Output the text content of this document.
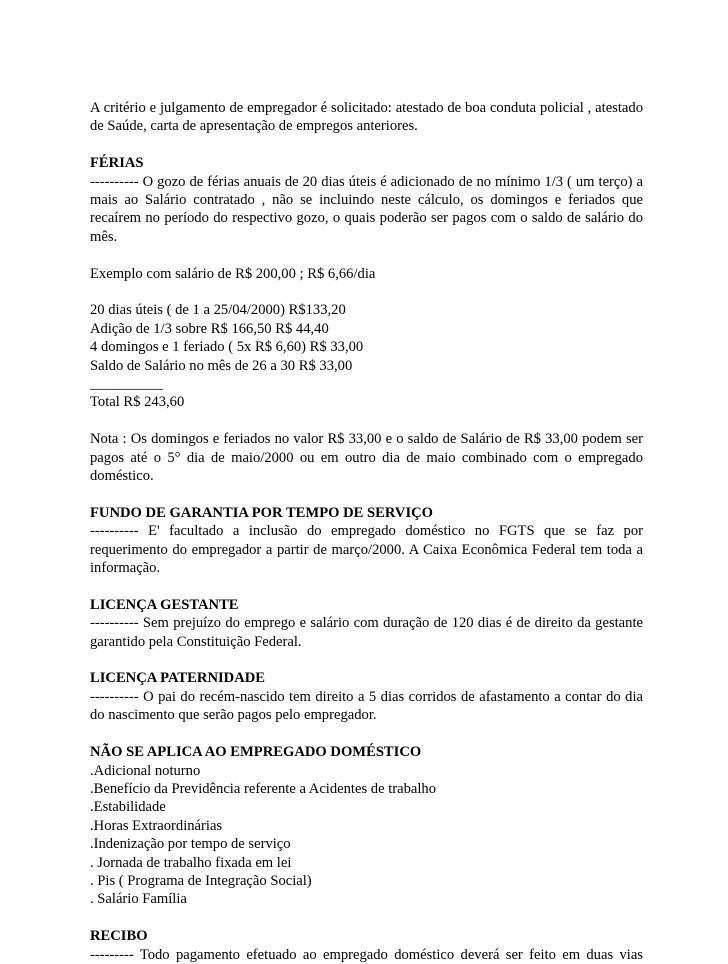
A critério e julgamento de empregador é solicitado: atestado de boa conduta policial , atestado de Saúde, carta de apresentação de empregos anteriores.

FÉRIAS

---------- O gozo de férias anuais de 20 dias úteis é adicionado de no mínimo 1/3 ( um terço) a mais ao Salário contratado , não se incluindo neste cálculo, os domingos e feriados que recaírem no período do respectivo gozo, o quais poderão ser pagos com o saldo de salário do mês.

Exemplo com salário de R$ 200,00 ; R$ 6,66/dia

20 dias úteis ( de 1 a 25/04/2000) R$133,20

Adição de 1/3 sobre R$ 166,50 R$ 44,40

4 domingos e 1 feriado ( 5x R$ 6,60) R$ 33,00

Saldo de Salário no mês de 26 a 30 R$ 33,00

__________

Total R$ 243,60

Nota : Os domingos e feriados no valor R$ 33,00 e o saldo de Salário de R$ 33,00 podem ser pagos até o 5° dia de maio/2000 ou em outro dia de maio combinado com o empregado doméstico.

FUNDO DE GARANTIA POR TEMPO DE SERVIÇO

---------- E' facultado a inclusão do empregado doméstico no FGTS que se faz por requerimento do empregador a partir de março/2000. A Caixa Econômica Federal tem toda a informação.

LICENÇA GESTANTE

---------- Sem prejuízo do emprego e salário com duração de 120 dias é de direito da gestante garantido pela Constituição Federal.

LICENÇA PATERNIDADE

---------- O pai do recém-nascido tem direito a 5 dias corridos de afastamento a contar do dia do nascimento que serão pagos pelo empregador.

NÃO SE APLICA AO EMPREGADO DOMÉSTICO

.Adicional noturno

.Benefício da Previdência referente a Acidentes de trabalho

.Estabilidade

.Horas Extraordinárias

.Indenização por tempo de serviço

. Jornada de trabalho fixada em lei

. Pis ( Programa de Integração Social)

. Salário Família

RECIBO

--------- Todo pagamento efetuado ao empregado doméstico deverá ser feito em duas vias
